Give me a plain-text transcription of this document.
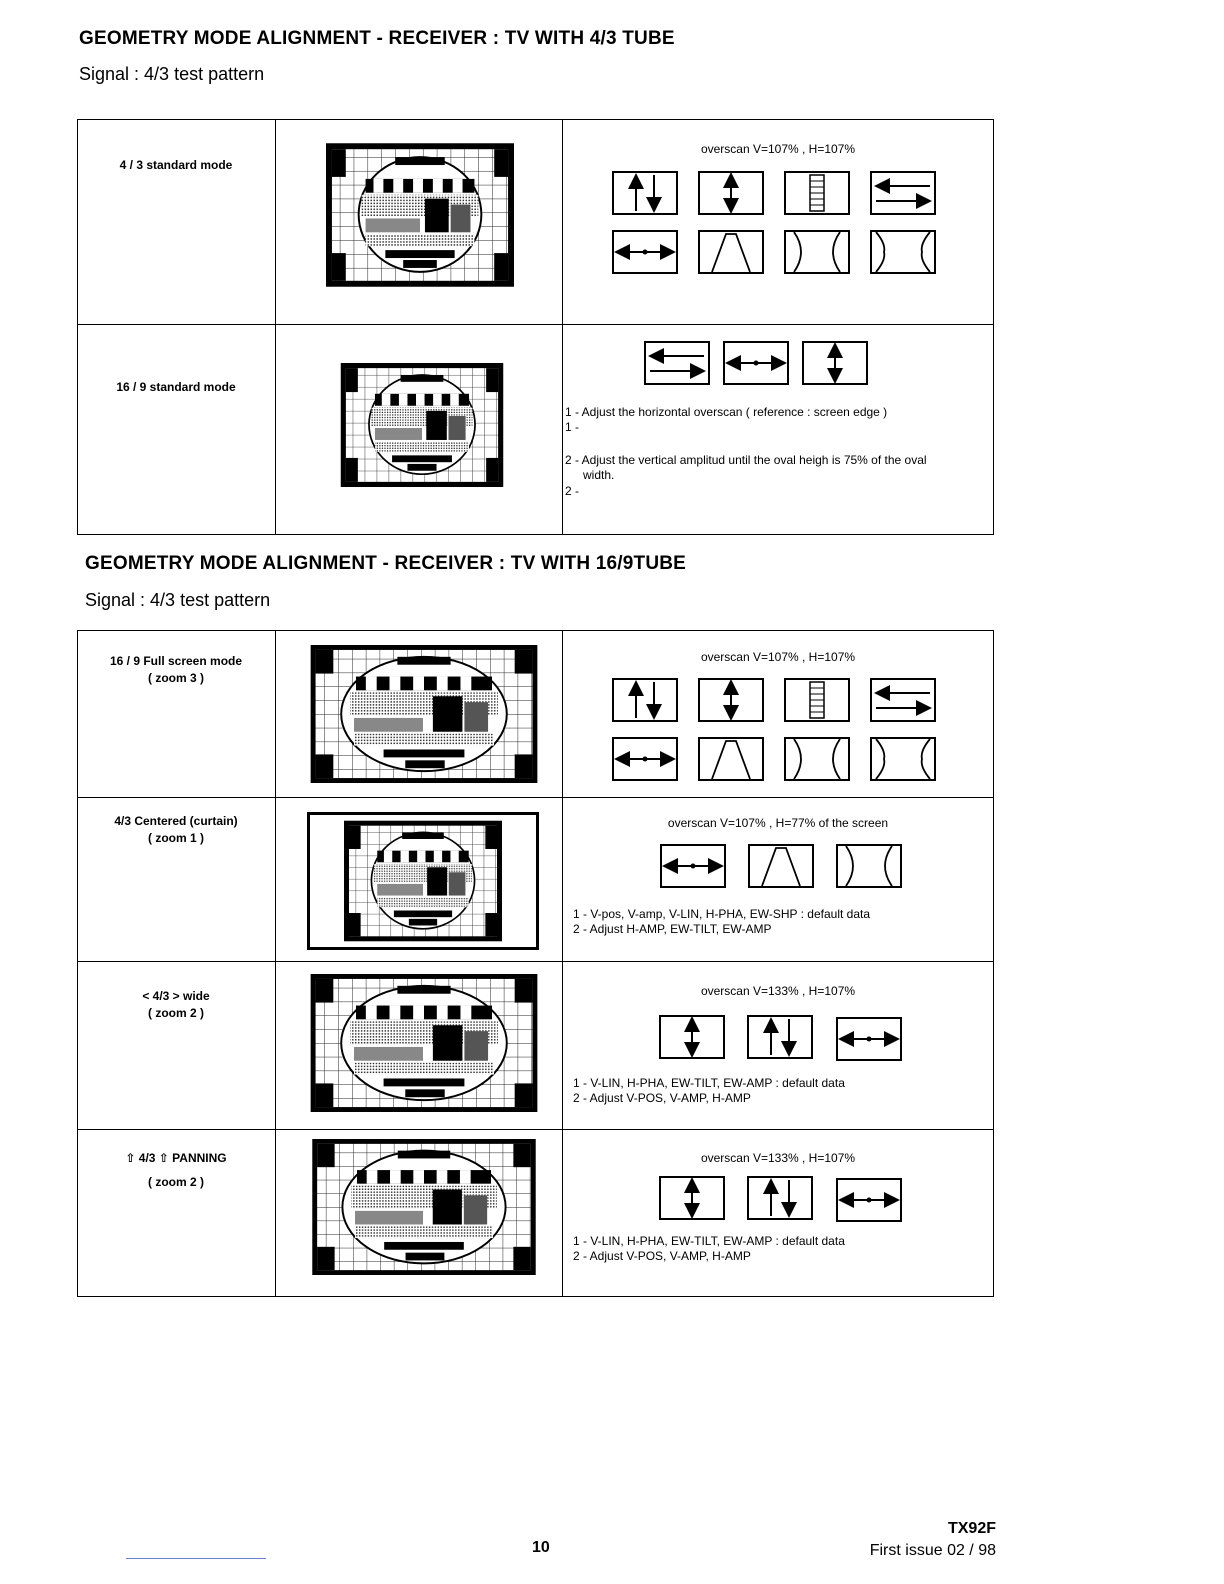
GEOMETRY MODE ALIGNMENT - RECEIVER : TV WITH 4/3 TUBE
Signal : 4/3 test pattern
4 / 3 standard mode
overscan V=107% , H=107%
16 / 9 standard mode
1 - Adjust the horizontal overscan ( reference : screen edge )
1 -
2 - Adjust the vertical amplitud until the oval heigh is 75% of the oval
width.
2 -
GEOMETRY MODE ALIGNMENT - RECEIVER : TV WITH 16/9TUBE
Signal : 4/3 test pattern
16 / 9 Full screen mode
( zoom 3 )
overscan V=107% , H=107%
4/3 Centered (curtain)
( zoom 1 )
overscan V=107% , H=77% of the screen
1 - V-pos, V-amp, V-LIN, H-PHA, EW-SHP : default data
2 - Adjust H-AMP, EW-TILT, EW-AMP
< 4/3 > wide
( zoom 2 )
overscan V=133% , H=107%
1 - V-LIN, H-PHA, EW-TILT, EW-AMP : default data
2 - Adjust V-POS, V-AMP, H-AMP
⇧ 4/3 ⇧ PANNING
( zoom 2 )
overscan V=133% , H=107%
1 - V-LIN, H-PHA, EW-TILT, EW-AMP : default data
2 - Adjust V-POS, V-AMP, H-AMP
10
TX92F
First issue 02 / 98
